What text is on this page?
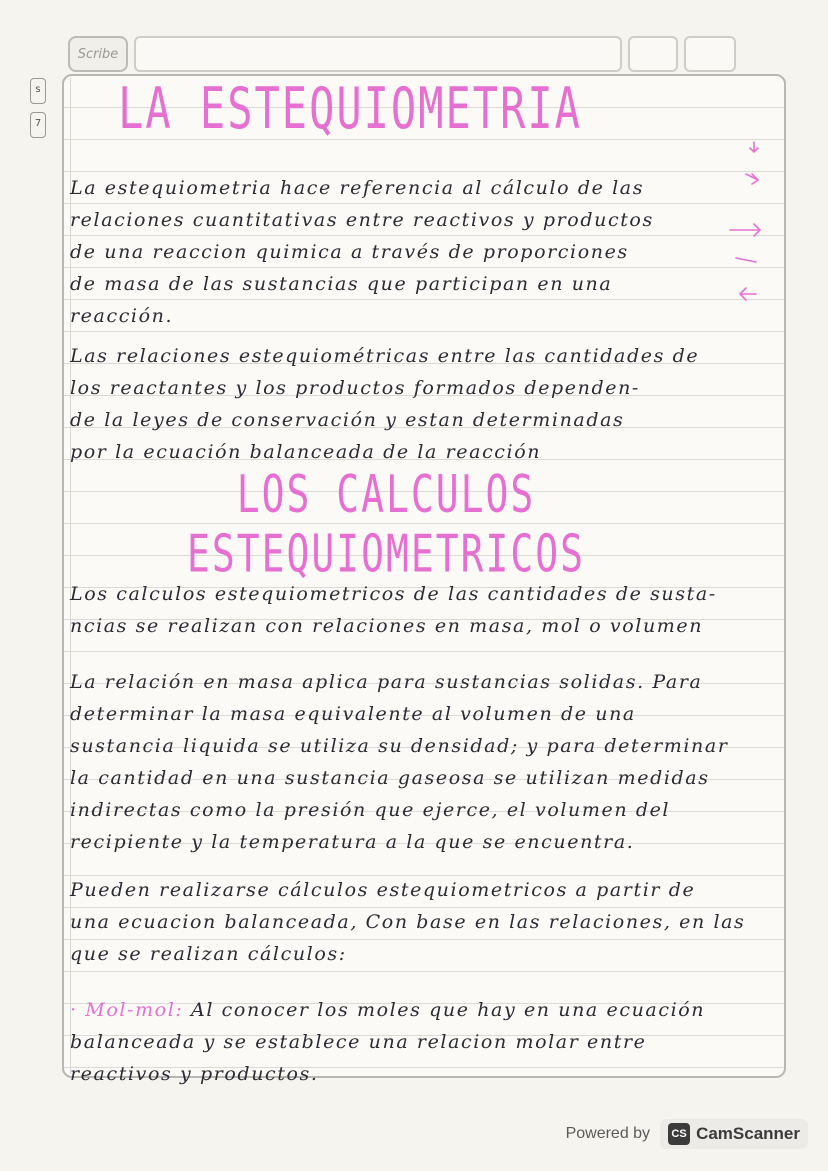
Scribe
s
7	LA ESTEQUIOMETRIA

La estequiometria hace referencia al cálculo de las
relaciones cuantitativas entre reactivos y productos
de una reaccion quimica a través de proporciones
de masa de las sustancias que participan en una
reacción.

Las relaciones estequiométricas entre las cantidades de
los reactantes y los productos formados dependen-
de la leyes de conservación y estan determinadas
por la ecuación balanceada de la reacción

LOS CALCULOS ESTEQUIOMETRICOS

Los calculos estequiometricos de las cantidades de susta-
ncias se realizan con relaciones en masa, mol o volumen

La relación en masa aplica para sustancias solidas. Para
determinar la masa equivalente al volumen de una
sustancia liquida se utiliza su densidad; y para determinar
la cantidad en una sustancia gaseosa se utilizan medidas
indirectas como la presión que ejerce, el volumen del
recipiente y la temperatura a la que se encuentra.

Pueden realizarse cálculos estequiometricos a partir de
una ecuacion balanceada, Con base en las relaciones, en las
que se realizan cálculos:

· Mol-mol: Al conocer los moles que hay en una ecuación
balanceada y se establece una relacion molar entre
reactivos y productos.

Powered by	CS CamScanner
